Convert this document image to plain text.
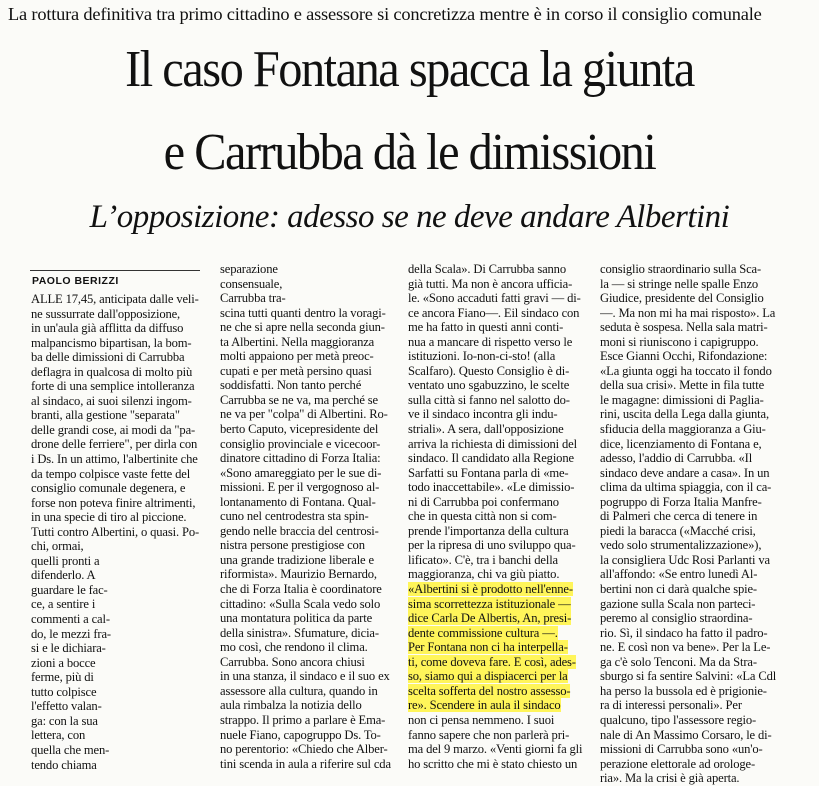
La rottura definitiva tra primo cittadino e assessore si concretizza mentre è in corso il consiglio comunale
Il caso Fontana spacca la giunta
e Carrubba dà le dimissioni
L’opposizione: adesso se ne deve andare Albertini
PAOLO BERIZZI
ALLE 17,45, anticipata dalle veli-
ne sussurrate dall'opposizione,
in un'aula già afflitta da diffuso
malpancismo bipartisan, la bom-
ba delle dimissioni di Carrubba
deflagra in qualcosa di molto più
forte di una semplice intolleranza
al sindaco, ai suoi silenzi ingom-
branti, alla gestione "separata"
delle grandi cose, ai modi da "pa-
drone delle ferriere", per dirla con
i Ds. In un attimo, l'albertinite che
da tempo colpisce vaste fette del
consiglio comunale degenera, e
forse non poteva finire altrimenti,
in una specie di tiro al piccione.
Tutti contro Albertini, o quasi. Po-
chi, ormai,
quelli pronti a
difenderlo. A
guardare le fac-
ce, a sentire i
commenti a cal-
do, le mezzi fra-
si e le dichiara-
zioni a bocce
ferme, più di
tutto colpisce
l'effetto valan-
ga: con la sua
lettera, con
quella che men-
tendo chiama
separazione
consensuale,
Carrubba tra-
scina tutti quanti dentro la voragi-
ne che si apre nella seconda giun-
ta Albertini. Nella maggioranza
molti appaiono per metà preoc-
cupati e per metà persino quasi
soddisfatti. Non tanto perché
Carrubba se ne va, ma perché se
ne va per "colpa" di Albertini. Ro-
berto Caputo, vicepresidente del
consiglio provinciale e vicecoor-
dinatore cittadino di Forza Italia:
«Sono amareggiato per le sue di-
missioni. E per il vergognoso al-
lontanamento di Fontana. Qual-
cuno nel centrodestra sta spin-
gendo nelle braccia del centrosi-
nistra persone prestigiose con
una grande tradizione liberale e
riformista». Maurizio Bernardo,
che di Forza Italia è coordinatore
cittadino: «Sulla Scala vedo solo
una montatura politica da parte
della sinistra». Sfumature, dicia-
mo così, che rendono il clima.
Carrubba. Sono ancora chiusi
in una stanza, il sindaco e il suo ex
assessore alla cultura, quando in
aula rimbalza la notizia dello
strappo. Il primo a parlare è Ema-
nuele Fiano, capogruppo Ds. To-
no perentorio: «Chiedo che Alber-
tini scenda in aula a riferire sul cda
della Scala». Di Carrubba sanno
già tutti. Ma non è ancora ufficia-
le. «Sono accaduti fatti gravi — di-
ce ancora Fiano—. Eil sindaco con
me ha fatto in questi anni conti-
nua a mancare di rispetto verso le
istituzioni. Io-non-ci-sto! (alla
Scalfaro). Questo Consiglio è di-
ventato uno sgabuzzino, le scelte
sulla città si fanno nel salotto do-
ve il sindaco incontra gli indu-
striali». A sera, dall'opposizione
arriva la richiesta di dimissioni del
sindaco. Il candidato alla Regione
Sarfatti su Fontana parla di «me-
todo inaccettabile». «Le dimissio-
ni di Carrubba poi confermano
che in questa città non si com-
prende l'importanza della cultura
per la ripresa di uno sviluppo qua-
lificato». C'è, tra i banchi della
maggioranza, chi va giù piatto.
«Albertini si è prodotto nell'enne-
sima scorrettezza istituzionale —
dice Carla De Albertis, An, presi-
dente commissione cultura —.
Per Fontana non ci ha interpella-
ti, come doveva fare. E così, ades-
so, siamo qui a dispiacerci per la
scelta sofferta del nostro assesso-
re». Scendere in aula il sindaco
non ci pensa nemmeno. I suoi
fanno sapere che non parlerà pri-
ma del 9 marzo. «Venti giorni fa gli
ho scritto che mi è stato chiesto un
consiglio straordinario sulla Sca-
la — si stringe nelle spalle Enzo
Giudice, presidente del Consiglio
—. Ma non mi ha mai risposto». La
seduta è sospesa. Nella sala matri-
moni si riuniscono i capigruppo.
Esce Gianni Occhi, Rifondazione:
«La giunta oggi ha toccato il fondo
della sua crisi». Mette in fila tutte
le magagne: dimissioni di Paglia-
rini, uscita della Lega dalla giunta,
sfiducia della maggioranza a Giu-
dice, licenziamento di Fontana e,
adesso, l'addio di Carrubba. «Il
sindaco deve andare a casa». In un
clima da ultima spiaggia, con il ca-
pogruppo di Forza Italia Manfre-
di Palmeri che cerca di tenere in
piedi la baracca («Macché crisi,
vedo solo strumentalizzazione»),
la consigliera Udc Rosi Parlanti va
all'affondo: «Se entro lunedì Al-
bertini non ci darà qualche spie-
gazione sulla Scala non parteci-
peremo al consiglio straordina-
rio. Sì, il sindaco ha fatto il padro-
ne. E così non va bene». Per la Le-
ga c'è solo Tenconi. Ma da Stra-
sburgo si fa sentire Salvini: «La Cdl
ha perso la bussola ed è prigionie-
ra di interessi personali». Per
qualcuno, tipo l'assessore regio-
nale di An Massimo Corsaro, le di-
missioni di Carrubba sono «un'o-
perazione elettorale ad orologe-
ria». Ma la crisi è già aperta.
